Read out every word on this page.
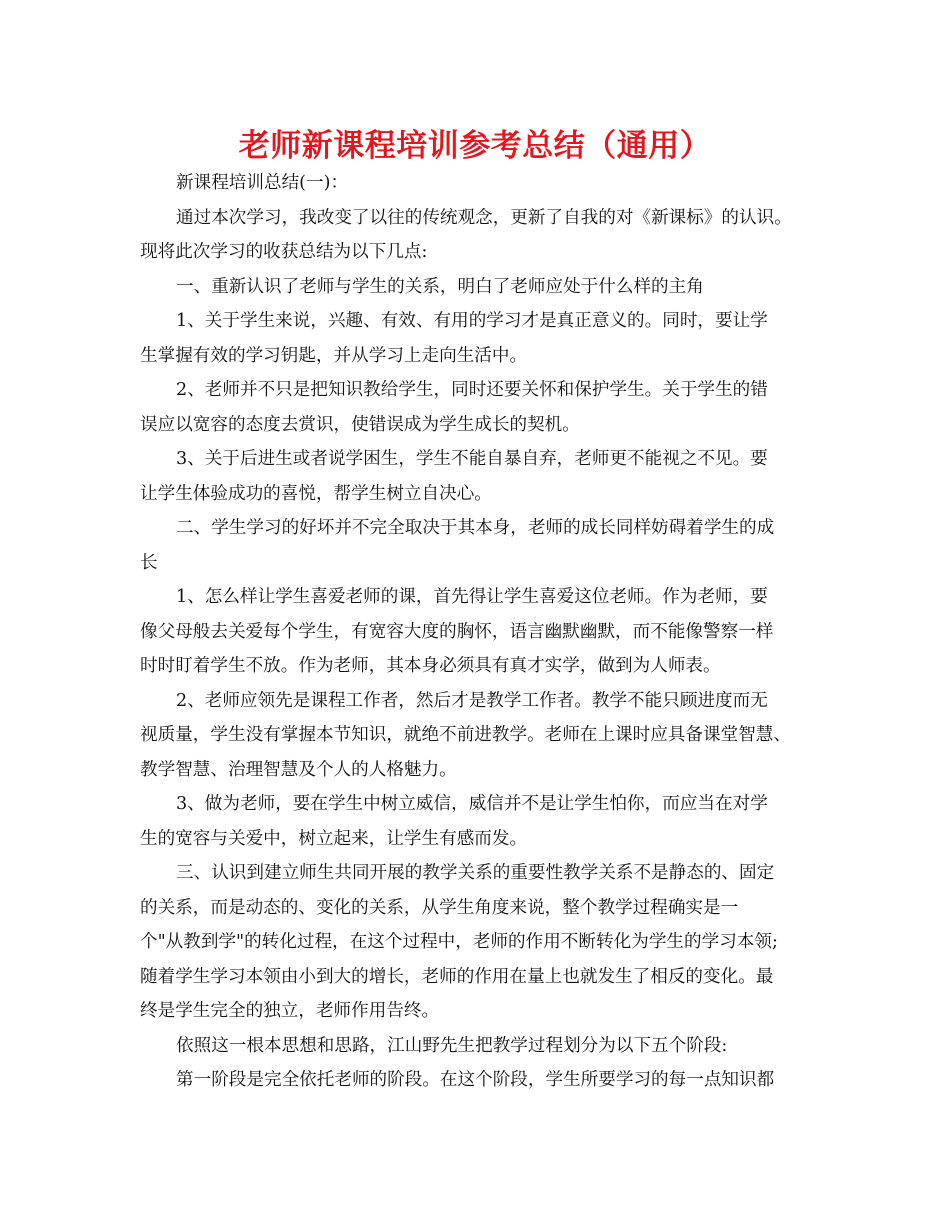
老师新课程培训参考总结（通用）
新课程培训总结(一)：
通过本次学习，我改变了以往的传统观念，更新了自我的对《新课标》的认识。
现将此次学习的收获总结为以下几点:
一、重新认识了老师与学生的关系，明白了老师应处于什么样的主角
1、关于学生来说，兴趣、有效、有用的学习才是真正意义的。同时，要让学
生掌握有效的学习钥匙，并从学习上走向生活中。
2、老师并不只是把知识教给学生，同时还要关怀和保护学生。关于学生的错
误应以宽容的态度去赏识，使错误成为学生成长的契机。
3、关于后进生或者说学困生，学生不能自暴自弃，老师更不能视之不见。要
让学生体验成功的喜悦，帮学生树立自决心。
二、学生学习的好坏并不完全取决于其本身，老师的成长同样妨碍着学生的成
长
1、怎么样让学生喜爱老师的课，首先得让学生喜爱这位老师。作为老师，要
像父母般去关爱每个学生，有宽容大度的胸怀，语言幽默幽默，而不能像警察一样
时时盯着学生不放。作为老师，其本身必须具有真才实学，做到为人师表。
2、老师应领先是课程工作者，然后才是教学工作者。教学不能只顾进度而无
视质量，学生没有掌握本节知识，就绝不前进教学。老师在上课时应具备课堂智慧、
教学智慧、治理智慧及个人的人格魅力。
3、做为老师，要在学生中树立威信，威信并不是让学生怕你，而应当在对学
生的宽容与关爱中，树立起来，让学生有感而发。
三、认识到建立师生共同开展的教学关系的重要性教学关系不是静态的、固定
的关系，而是动态的、变化的关系，从学生角度来说，整个教学过程确实是一
个"从教到学"的转化过程，在这个过程中，老师的作用不断转化为学生的学习本领;
随着学生学习本领由小到大的增长，老师的作用在量上也就发生了相反的变化。最
终是学生完全的独立，老师作用告终。
依照这一根本思想和思路，江山野先生把教学过程划分为以下五个阶段:
第一阶段是完全依托老师的阶段。在这个阶段，学生所要学习的每一点知识都
